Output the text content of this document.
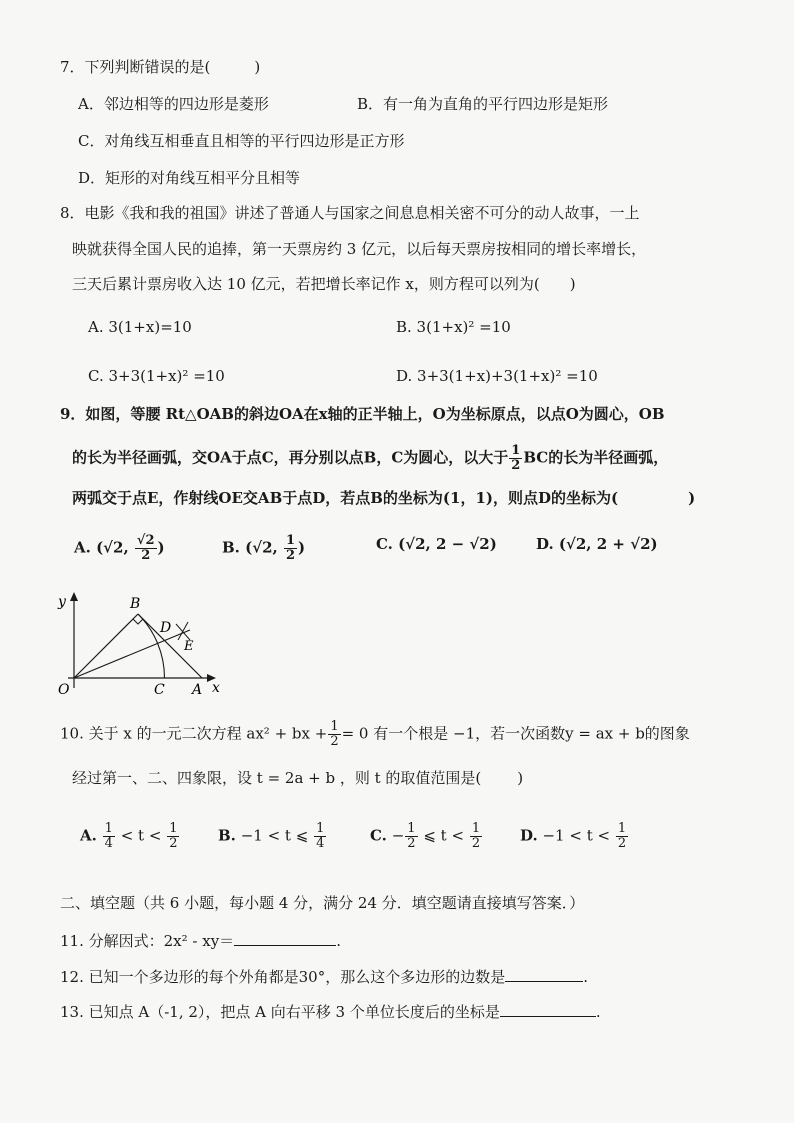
7．下列判断错误的是(	)
A．邻边相等的四边形是菱形	B．有一角为直角的平行四边形是矩形
C．对角线互相垂直且相等的平行四边形是正方形
D．矩形的对角线互相平分且相等
8．电影《我和我的祖国》讲述了普通人与国家之间息息相关密不可分的动人故事，一上
映就获得全国人民的追捧，第一天票房约 3 亿元，以后每天票房按相同的增长率增长，
三天后累计票房收入达 10 亿元，若把增长率记作 x，则方程可以列为( )
A. 3(1+x)=10	B. 3(1+x)² =10
C. 3+3(1+x)² =10	D. 3+3(1+x)+3(1+x)² =10
9．如图，等腰 Rt△OAB的斜边OA在x轴的正半轴上，O为坐标原点，以点O为圆心，OB
的长为半径画弧，交OA于点C，再分别以点B，C为圆心，以大于 $\frac{1}{2}$ BC的长为半径画弧，
两弧交于点E，作射线OE交AB于点D，若点B的坐标为(1，1)，则点D的坐标为(	)
A. (√2, $\frac{√2}{2}$ )	B. (√2, $\frac{1}{2}$ )	C. (√2, 2 − √2)	D. (√2, 2 + √2)
y
x
O
B
C A
D
E
10. 关于 x 的一元二次方程 ax² + bx + $\frac{1}{2} = 0$ 有一个根是 −1，若一次函数y = ax + b的图象
经过第一、二、四象限，设 t = 2a + b ，则 t 的取值范围是( )
A. $\frac{1}{4} < t < \frac{1}{2}$	B. −1 < t ⩽ $\frac{1}{4}$	C. − $\frac{1}{2}$ ⩽ $t < \frac{1}{2}$	D. $-1 < t < \frac{1}{2}$
二、填空题（共 6 小题，每小题 4 分，满分 24 分．填空题请直接填写答案．）
11. 分解因式：2x² - xy＝	.
12. 已知一个多边形的每个外角都是30°，那么这个多边形的边数是	.
13. 已知点 A（-1, 2），把点 A 向右平移 3 个单位长度后的坐标是	.
